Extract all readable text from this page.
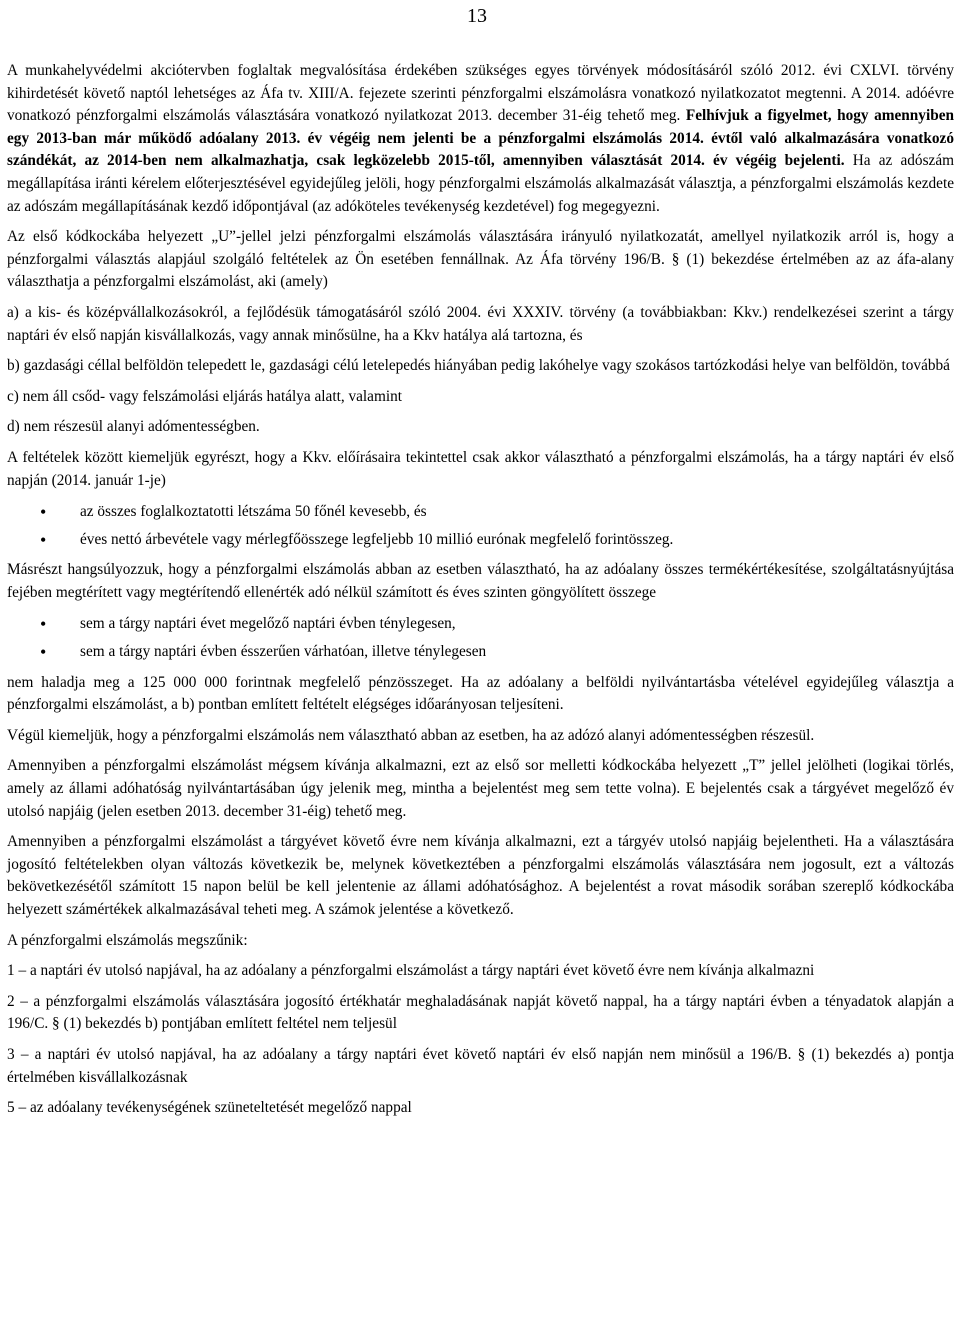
13

A munkahelyvédelmi akciótervben foglaltak megvalósítása érdekében szükséges egyes törvények módosításáról szóló 2012. évi CXLVI. törvény kihirdetését követő naptól lehetséges az Áfa tv. XIII/A. fejezete szerinti pénzforgalmi elszámolásra vonatkozó nyilatkozatot megtenni. A 2014. adóévre vonatkozó pénzforgalmi elszámolás választására vonatkozó nyilatkozat 2013. december 31-éig tehető meg. Felhívjuk a figyelmet, hogy amennyiben egy 2013-ban már működő adóalany 2013. év végéig nem jelenti be a pénzforgalmi elszámolás 2014. évtől való alkalmazására vonatkozó szándékát, az 2014-ben nem alkalmazhatja, csak legközelebb 2015-től, amennyiben választását 2014. év végéig bejelenti. Ha az adószám megállapítása iránti kérelem előterjesztésével egyidejűleg jelöli, hogy pénzforgalmi elszámolás alkalmazását választja, a pénzforgalmi elszámolás kezdete az adószám megállapításának kezdő időpontjával (az adóköteles tevékenység kezdetével) fog megegyezni.

Az első kódkockába helyezett „U”-jellel jelzi pénzforgalmi elszámolás választására irányuló nyilatkozatát, amellyel nyilatkozik arról is, hogy a pénzforgalmi választás alapjául szolgáló feltételek az Ön esetében fennállnak. Az Áfa törvény 196/B. § (1) bekezdése értelmében az az áfa-alany választhatja a pénzforgalmi elszámolást, aki (amely)

a) a kis- és középvállalkozásokról, a fejlődésük támogatásáról szóló 2004. évi XXXIV. törvény (a továbbiakban: Kkv.) rendelkezései szerint a tárgy naptári év első napján kisvállalkozás, vagy annak minősülne, ha a Kkv hatálya alá tartozna, és

b) gazdasági céllal belföldön telepedett le, gazdasági célú letelepedés hiányában pedig lakóhelye vagy szokásos tartózkodási helye van belföldön, továbbá

c) nem áll csőd- vagy felszámolási eljárás hatálya alatt, valamint

d) nem részesül alanyi adómentességben.

A feltételek között kiemeljük egyrészt, hogy a Kkv. előírásaira tekintettel csak akkor választható a pénzforgalmi elszámolás, ha a tárgy naptári év első napján (2014. január 1-je)

• az összes foglalkoztatotti létszáma 50 főnél kevesebb, és
• éves nettó árbevétele vagy mérlegfőösszege legfeljebb 10 millió eurónak megfelelő forintösszeg.

Másrészt hangsúlyozzuk, hogy a pénzforgalmi elszámolás abban az esetben választható, ha az adóalany összes termékértékesítése, szolgáltatásnyújtása fejében megtérített vagy megtérítendő ellenérték adó nélkül számított és éves szinten göngyölített összege

• sem a tárgy naptári évet megelőző naptári évben ténylegesen,
• sem a tárgy naptári évben ésszerűen várhatóan, illetve ténylegesen

nem haladja meg a 125 000 000 forintnak megfelelő pénzösszeget. Ha az adóalany a belföldi nyilvántartásba vételével egyidejűleg választja a pénzforgalmi elszámolást, a b) pontban említett feltételt elégséges időarányosan teljesíteni.

Végül kiemeljük, hogy a pénzforgalmi elszámolás nem választható abban az esetben, ha az adózó alanyi adómentességben részesül.

Amennyiben a pénzforgalmi elszámolást mégsem kívánja alkalmazni, ezt az első sor melletti kódkockába helyezett „T” jellel jelölheti (logikai törlés, amely az állami adóhatóság nyilvántartásában úgy jelenik meg, mintha a bejelentést meg sem tette volna). E bejelentés csak a tárgyévet megelőző év utolsó napjáig (jelen esetben 2013. december 31-éig) tehető meg.

Amennyiben a pénzforgalmi elszámolást a tárgyévet követő évre nem kívánja alkalmazni, ezt a tárgyév utolsó napjáig bejelentheti. Ha a választására jogosító feltételekben olyan változás következik be, melynek következtében a pénzforgalmi elszámolás választására nem jogosult, ezt a változás bekövetkezésétől számított 15 napon belül be kell jelentenie az állami adóhatósághoz. A bejelentést a rovat második sorában szereplő kódkockába helyezett számértékek alkalmazásával teheti meg. A számok jelentése a következő.

A pénzforgalmi elszámolás megszűnik:

1 – a naptári év utolsó napjával, ha az adóalany a pénzforgalmi elszámolást a tárgy naptári évet követő évre nem kívánja alkalmazni

2 – a pénzforgalmi elszámolás választására jogosító értékhatár meghaladásának napját követő nappal, ha a tárgy naptári évben a tényadatok alapján a 196/C. § (1) bekezdés b) pontjában említett feltétel nem teljesül

3 – a naptári év utolsó napjával, ha az adóalany a tárgy naptári évet követő naptári év első napján nem minősül a 196/B. § (1) bekezdés a) pontja értelmében kisvállalkozásnak

5 – az adóalany tevékenységének szüneteltetését megelőző nappal
